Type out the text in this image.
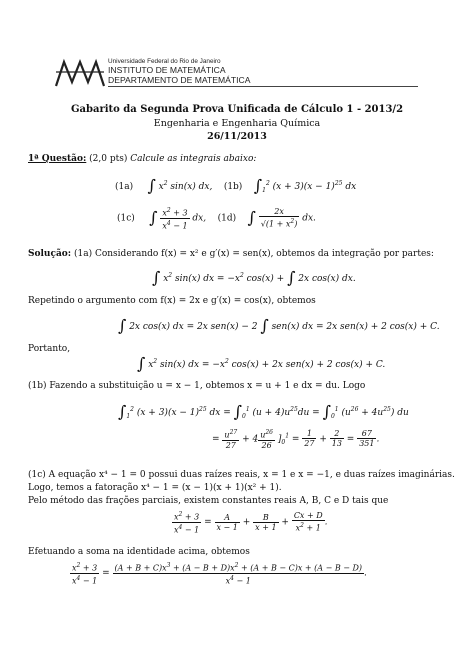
Universidade Federal do Rio de Janeiro
INSTITUTO DE MATEMÁTICA
DEPARTAMENTO DE MATEMÁTICA
Gabarito da Segunda Prova Unificada de Cálculo 1 - 2013/2
Engenharia e Engenharia Química
26/11/2013
1ª Questão: (2,0 pts) Calcule as integrais abaixo:
(1a) ∫ $x^2$ sin(x) dx,    (1b) $\int_1^2$ $(x + 3)(x - 1)^{25}$ dx
(1c) ∫ $\frac{x^2 + 3}{x^4 - 1}$ dx,    (1d) ∫ $\frac{2x}{√(1 + x^2)}$ dx.
Solução: (1a) Considerando f(x) = x² e g′(x) = sen(x), obtemos da integração por partes:
∫ $x^2$ sin(x) dx = $-x^2$ cos(x) + ∫ 2x cos(x) dx.
Repetindo o argumento com f(x) = 2x e g′(x) = cos(x), obtemos
∫ 2x cos(x) dx = 2x sen(x) − 2 ∫ sen(x) dx = 2x sen(x) + 2 cos(x) + C.
Portanto,
∫ $x^2$ sin(x) dx = $-x^2$ cos(x) + 2x sen(x) + 2 cos(x) + C.
(1b) Fazendo a substituição u = x − 1, obtemos x = u + 1 e dx = du. Logo
$\int_1^2$ $(x + 3)(x - 1)^{25}$ dx = $\int_0^1$ $(u + 4)u^{25}du = \int_0^1$ $(u^{26} + 4u^{25})$ du
= $\frac{u^{27}}{27} + 4 \frac{u^{26}}{26} ]_0^1 = \frac{1}{27} + \frac{2}{13} = \frac{67}{351}$ .
(1c) A equação x⁴ − 1 = 0 possui duas raízes reais, x = 1 e x = −1, e duas raízes imaginárias.
Logo, temos a fatoração x⁴ − 1 = (x − 1)(x + 1)(x² + 1).
Pelo método das frações parciais, existem constantes reais A, B, C e D tais que
$\frac{x^2 + 3}{x^4 - 1} = \frac{A}{x - 1} + \frac{B}{x + 1} + \frac{Cx + D}{x^2 + 1}$ .
Efetuando a soma na identidade acima, obtemos
$\frac{x^2 + 3}{x^4 - 1} = \frac{(A + B + C)x^3 + (A - B + D)x^2 + (A + B - C)x + (A - B - D)}{x^4 - 1}$ .
